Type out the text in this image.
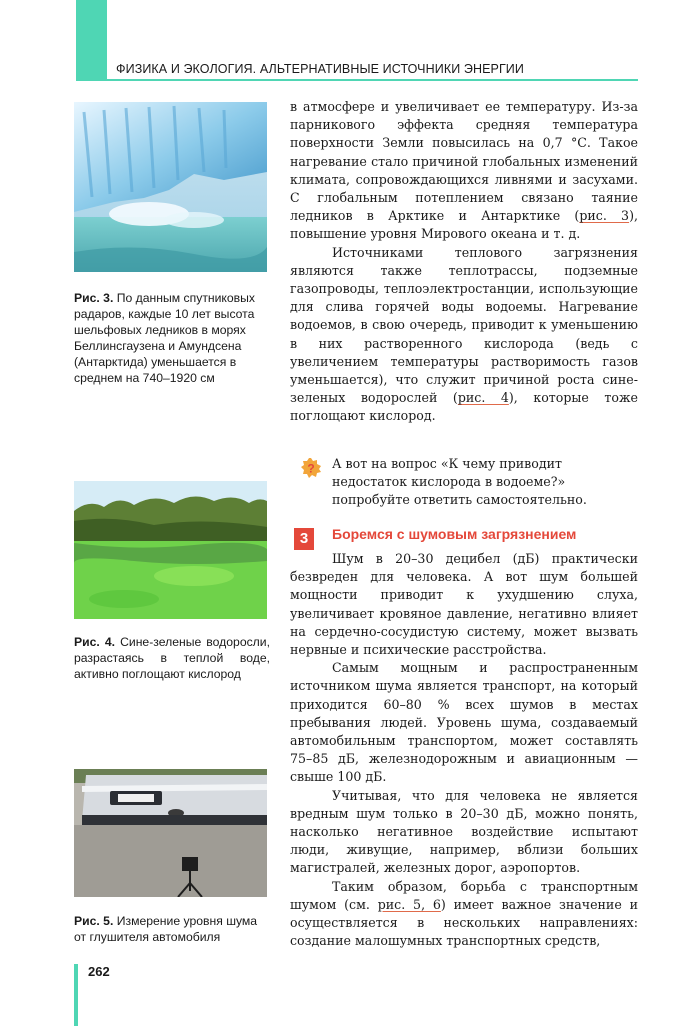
ФИЗИКА И ЭКОЛОГИЯ. АЛЬТЕРНАТИВНЫЕ ИСТОЧНИКИ ЭНЕРГИИ
Рис. 3. По данным спутниковых радаров, каждые 10 лет высота шельфовых ледников в морях Беллинсгаузена и Амундсена (Антарктида) уменьшается в среднем на 740–1920 см

Рис. 4. Сине-зеленые водоросли, разрастаясь в теплой воде, активно поглощают кислород

Рис. 5. Измерение уровня шума от глушителя автомобиля

в атмосфере и увеличивает ее температуру. Из-за парникового эффекта средняя температура поверхности Земли повысилась на 0,7 °С. Такое нагревание стало причиной глобальных изменений климата, сопровождающихся ливнями и засухами. С глобальным потеплением связано таяние ледников в Арктике и Антарктике (рис. 3), повышение уровня Мирового океана и т. д.

Источниками теплового загрязнения являются также теплотрассы, подземные газопроводы, теплоэлектростанции, использующие для слива горячей воды водоемы. Нагревание водоемов, в свою очередь, приводит к уменьшению в них растворенного кислорода (ведь с увеличением температуры растворимость газов уменьшается), что служит причиной роста сине-зеленых водорослей (рис. 4), которые тоже поглощают кислород.

? А вот на вопрос «К чему приводит недостаток кислорода в водоеме?» попробуйте ответить самостоятельно.

3	Боремся с шумовым загрязнением

Шум в 20–30 децибел (дБ) практически безвреден для человека. А вот шум большей мощности приводит к ухудшению слуха, увеличивает кровяное давление, негативно влияет на сердечно-сосудистую систему, может вызвать нервные и психические расстройства.

Самым мощным и распространенным источником шума является транспорт, на который приходится 60–80 % всех шумов в местах пребывания людей. Уровень шума, создаваемый автомобильным транспортом, может составлять 75–85 дБ, железнодорожным и авиационным — свыше 100 дБ.

Учитывая, что для человека не является вредным шум только в 20–30 дБ, можно понять, насколько негативное воздействие испытают люди, живущие, например, вблизи больших магистралей, железных дорог, аэропортов.

Таким образом, борьба с транспортным шумом (см. рис. 5, 6) имеет важное значение и осуществляется в нескольких направлениях: создание малошумных транспортных средств,

262
